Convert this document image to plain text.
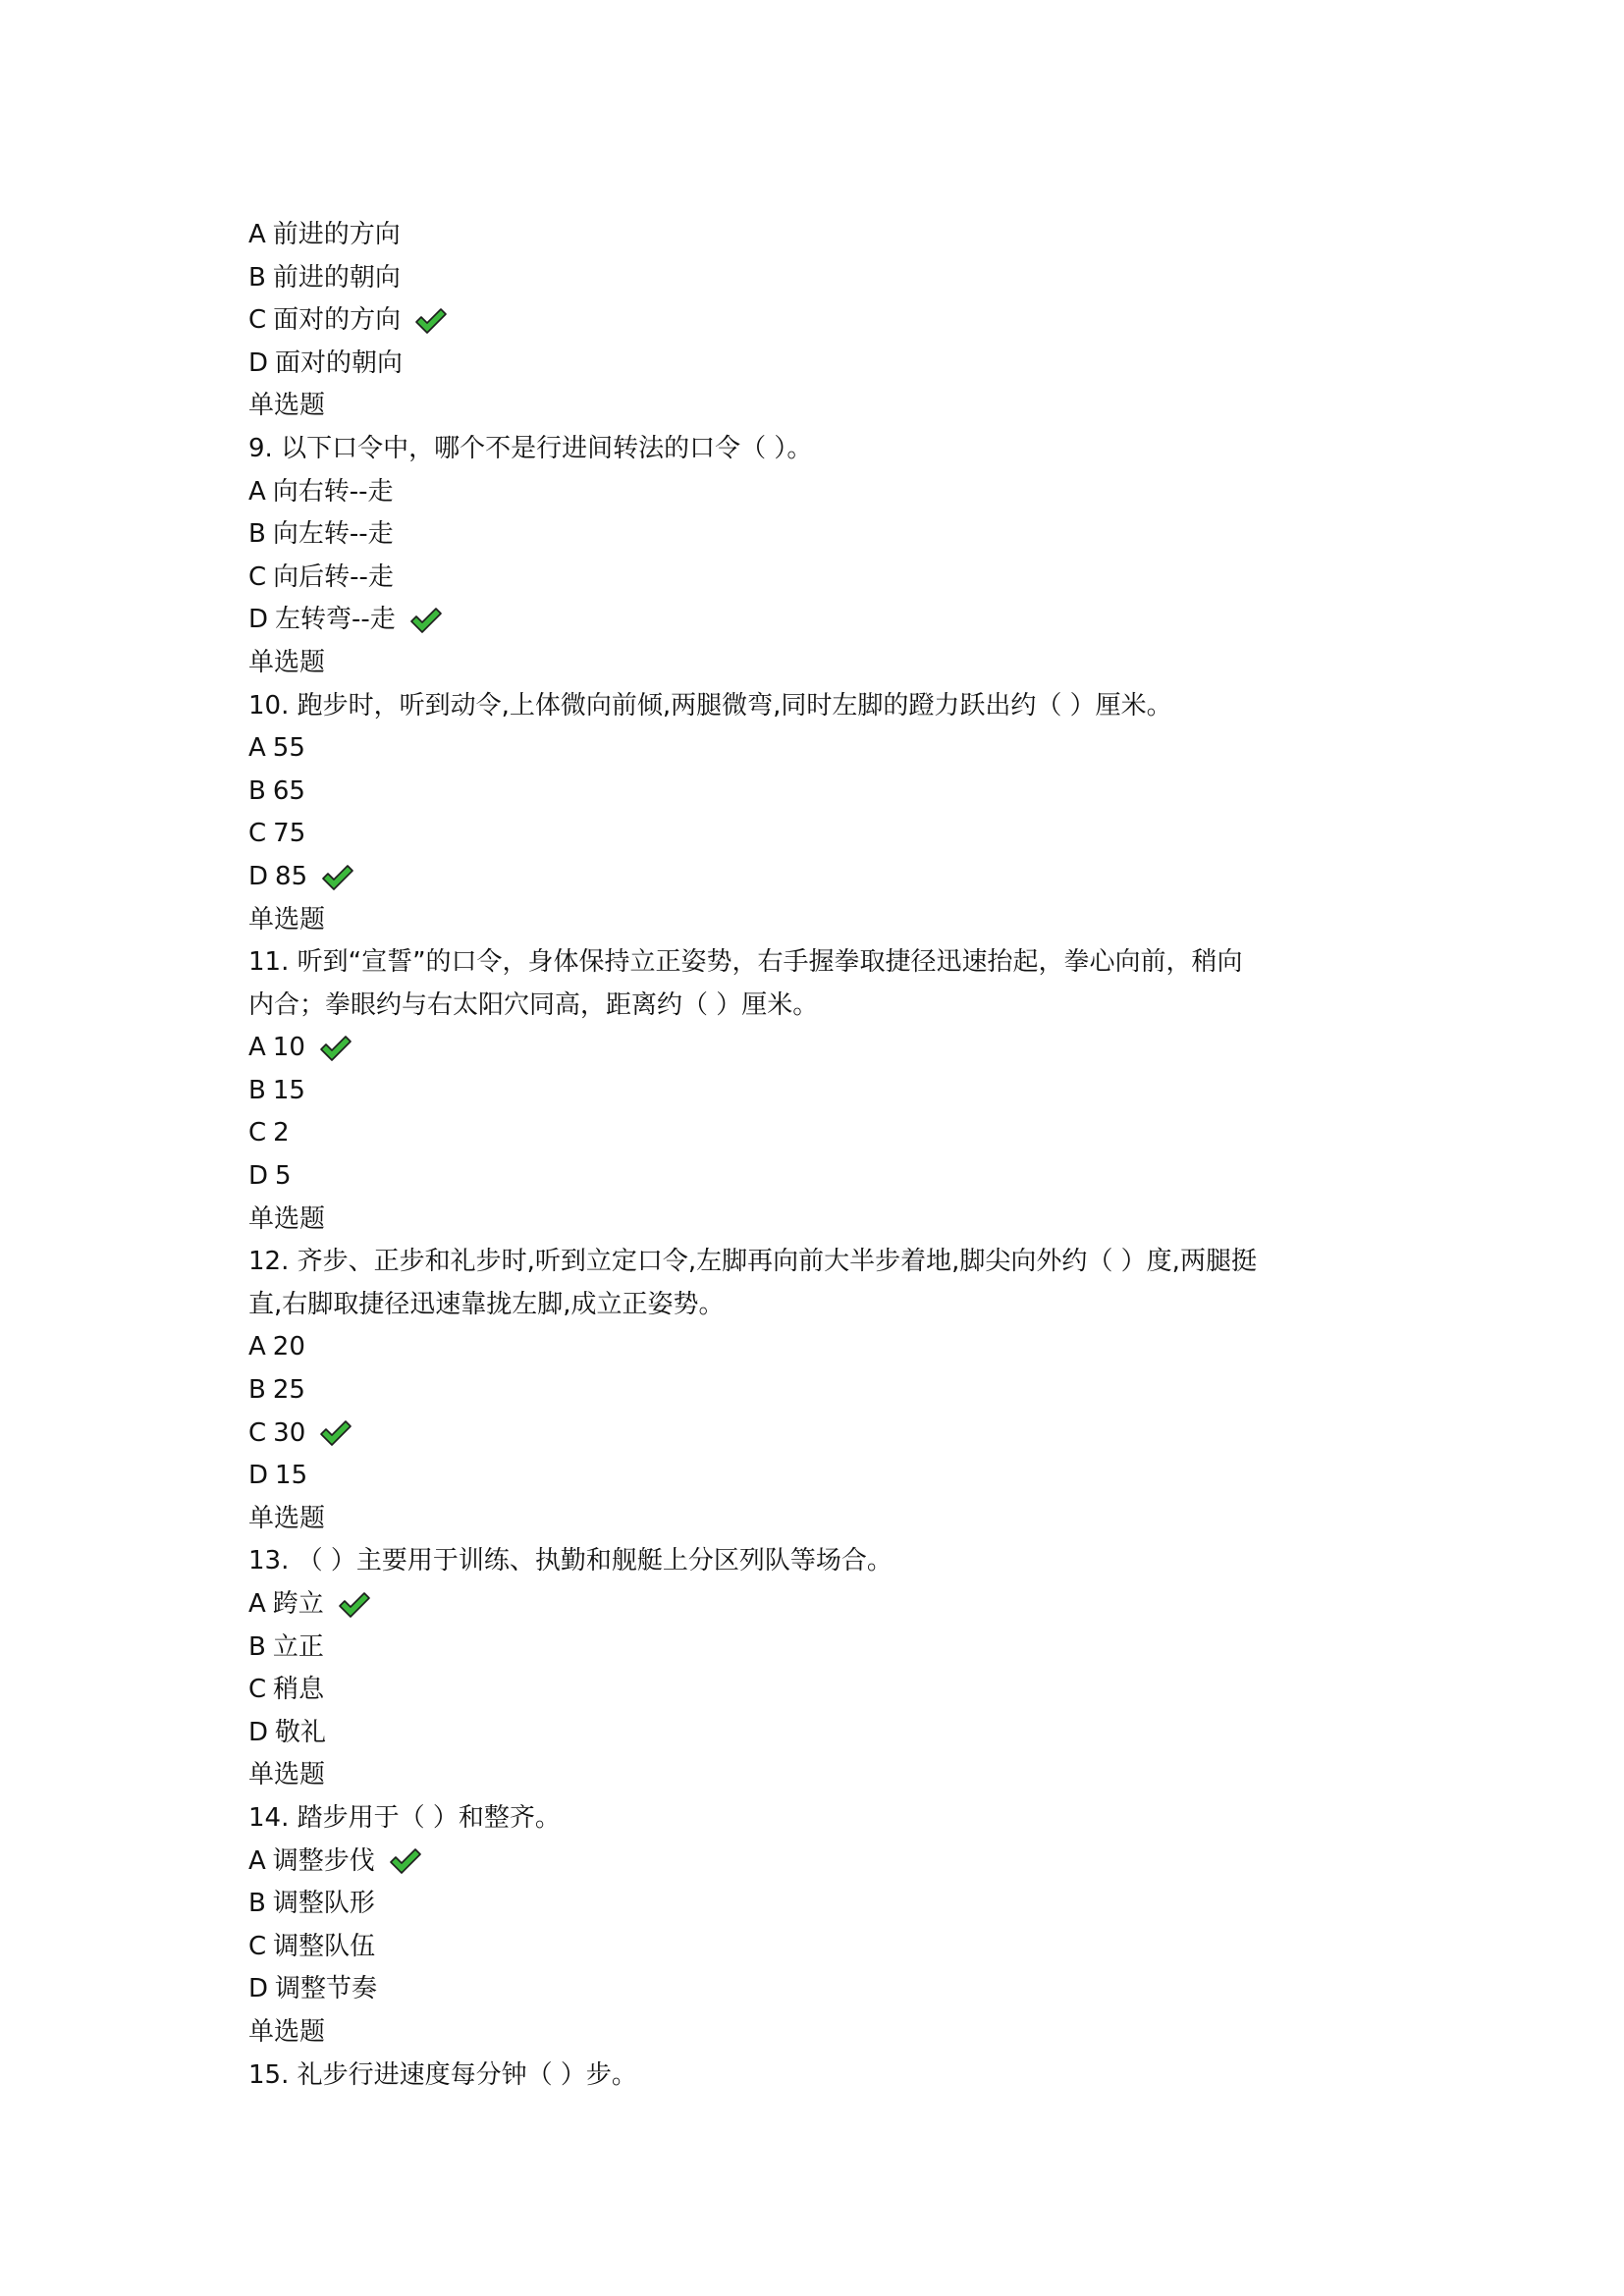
A 前进的方向
B 前进的朝向
C 面对的方向
D 面对的朝向
单选题
9. 以下口令中，哪个不是行进间转法的口令（ ）。
A 向右转--走
B 向左转--走
C 向后转--走
D 左转弯--走
单选题
10. 跑步时，听到动令,上体微向前倾,两腿微弯,同时左脚的蹬力跃出约（ ）厘米。
A 55
B 65
C 75
D 85
单选题
11. 听到“宣誓”的口令，身体保持立正姿势，右手握拳取捷径迅速抬起，拳心向前，稍向
内合；拳眼约与右太阳穴同高，距离约（ ）厘米。
A 10
B 15
C 2
D 5
单选题
12. 齐步、正步和礼步时,听到立定口令,左脚再向前大半步着地,脚尖向外约（ ）度,两腿挺
直,右脚取捷径迅速靠拢左脚,成立正姿势。
A 20
B 25
C 30
D 15
单选题
13. （ ）主要用于训练、执勤和舰艇上分区列队等场合。
A 跨立
B 立正
C 稍息
D 敬礼
单选题
14. 踏步用于（ ）和整齐。
A 调整步伐
B 调整队形
C 调整队伍
D 调整节奏
单选题
15. 礼步行进速度每分钟（ ）步。
